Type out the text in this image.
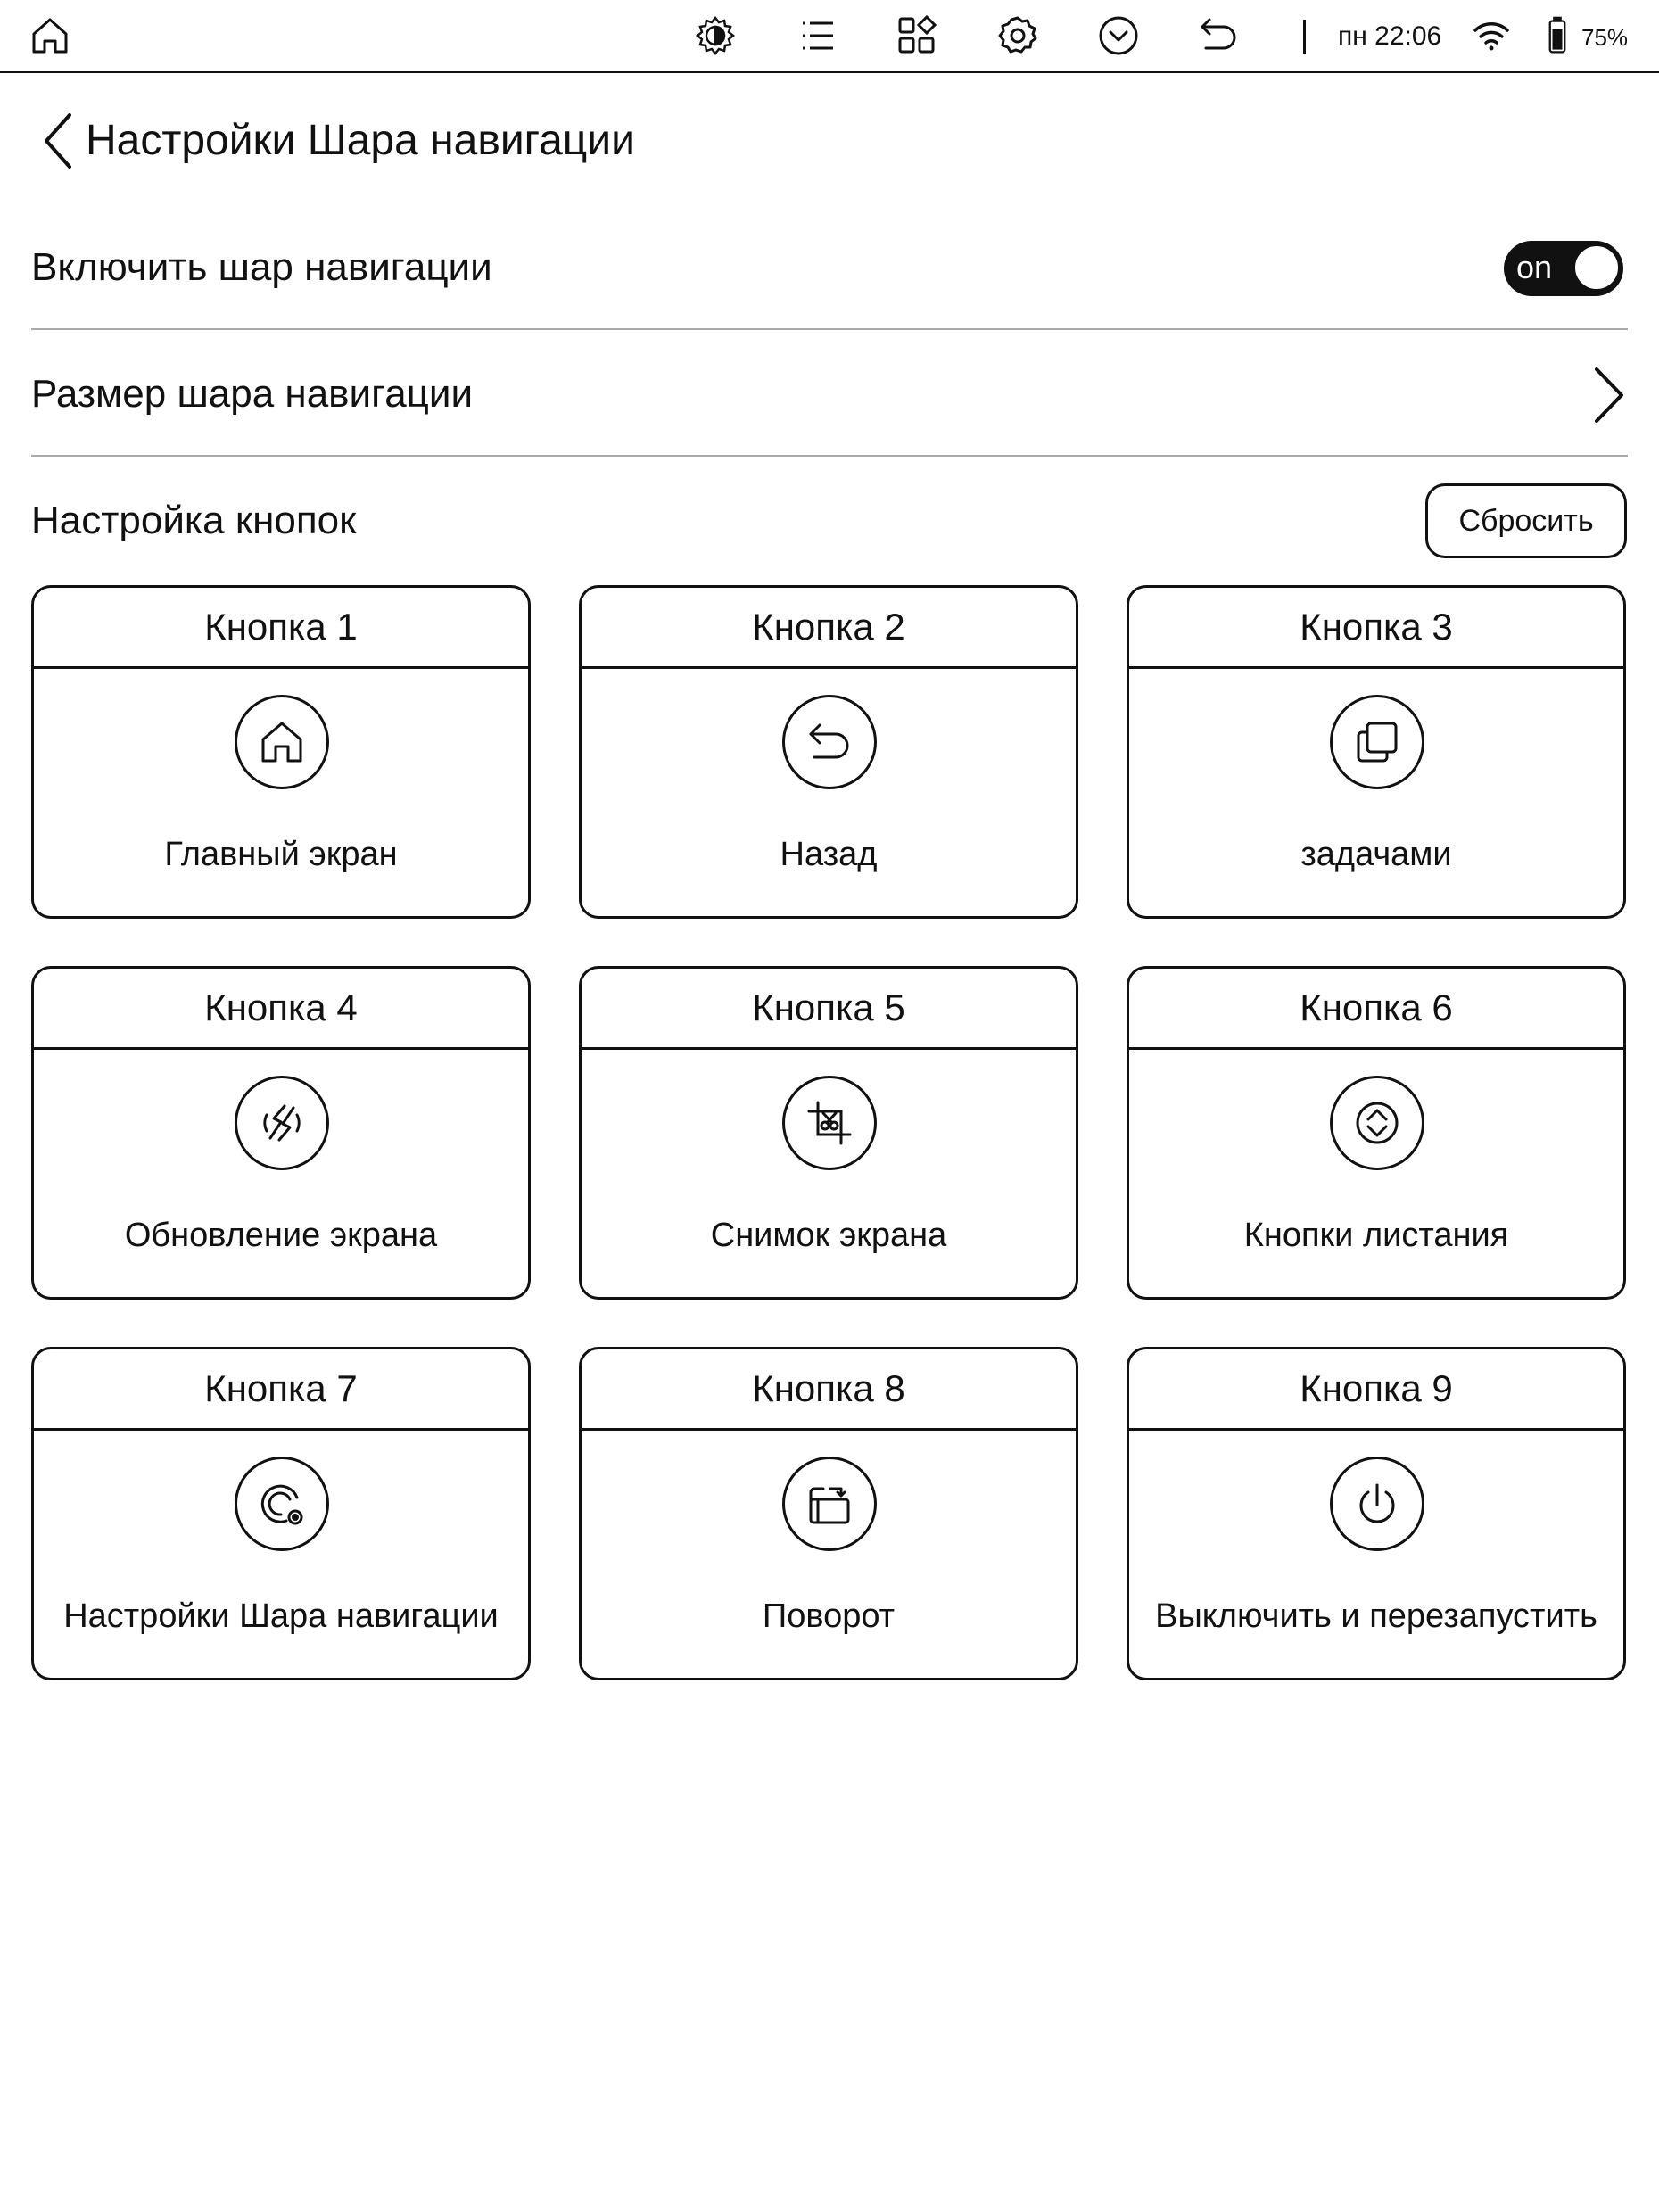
пн 22:06	75%
Настройки Шара навигации
Включить шар навигации	on
Размер шара навигации
Настройка кнопок	Сбросить
Кнопка 1
Главный экран
Кнопка 2
Назад
Кнопка 3
задачами
Кнопка 4
Обновление экрана
Кнопка 5
Снимок экрана
Кнопка 6
Кнопки листания
Кнопка 7
Настройки Шара навигации
Кнопка 8
Поворот
Кнопка 9
Выключить и перезапустить
